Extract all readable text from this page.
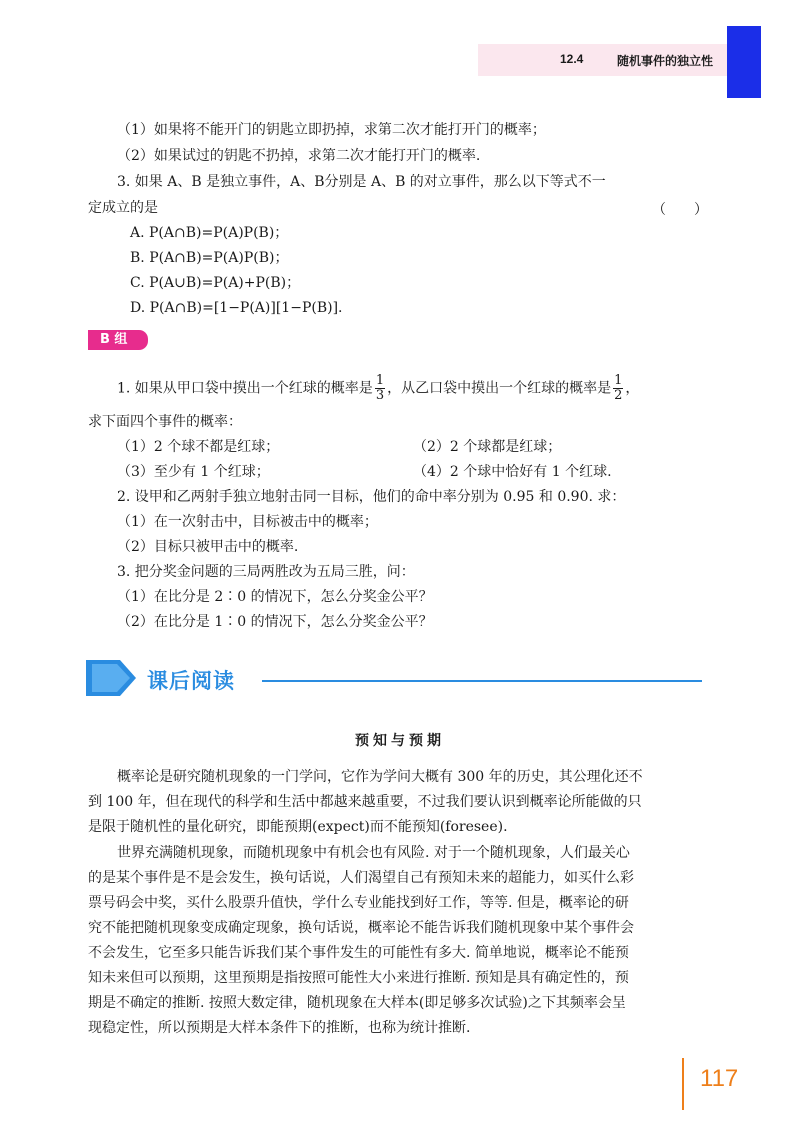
12.4	随机事件的独立性
（1）如果将不能开门的钥匙立即扔掉，求第二次才能打开门的概率；
（2）如果试过的钥匙不扔掉，求第二次才能打开门的概率.
3. 如果 A、B 是独立事件，A、B分别是 A、B 的对立事件，那么以下等式不一
定成立的是	（　　）
A. P(A∩B)=P(A)P(B)；
B. P(A∩B)=P(A)P(B)；
C. P(A∪B)=P(A)+P(B)；
D. P(A∩B)=[1−P(A)][1−P(B)].
B 组
1. 如果从甲口袋中摸出一个红球的概率是 $\frac{1}{3}$ ，从乙口袋中摸出一个红球的概率是 $\frac{1}{2}$ ，
求下面四个事件的概率：
（1）2 个球不都是红球；	（2）2 个球都是红球；
（3）至少有 1 个红球；	（4）2 个球中恰好有 1 个红球.
2. 设甲和乙两射手独立地射击同一目标，他们的命中率分别为 0.95 和 0.90. 求：
（1）在一次射击中，目标被击中的概率；
（2）目标只被甲击中的概率.
3. 把分奖金问题的三局两胜改为五局三胜，问：
（1）在比分是 2∶0 的情况下，怎么分奖金公平？
（2）在比分是 1∶0 的情况下，怎么分奖金公平？
课后阅读
预知与预期
概率论是研究随机现象的一门学问，它作为学问大概有 300 年的历史，其公理化还不
到 100 年，但在现代的科学和生活中都越来越重要，不过我们要认识到概率论所能做的只
是限于随机性的量化研究，即能预期(expect)而不能预知(foresee).
世界充满随机现象，而随机现象中有机会也有风险. 对于一个随机现象，人们最关心
的是某个事件是不是会发生，换句话说，人们渴望自己有预知未来的超能力，如买什么彩
票号码会中奖，买什么股票升值快，学什么专业能找到好工作，等等. 但是，概率论的研
究不能把随机现象变成确定现象，换句话说，概率论不能告诉我们随机现象中某个事件会
不会发生，它至多只能告诉我们某个事件发生的可能性有多大. 简单地说，概率论不能预
知未来但可以预期，这里预期是指按照可能性大小来进行推断. 预知是具有确定性的，预
期是不确定的推断. 按照大数定律，随机现象在大样本(即足够多次试验)之下其频率会呈
现稳定性，所以预期是大样本条件下的推断，也称为统计推断.
117
